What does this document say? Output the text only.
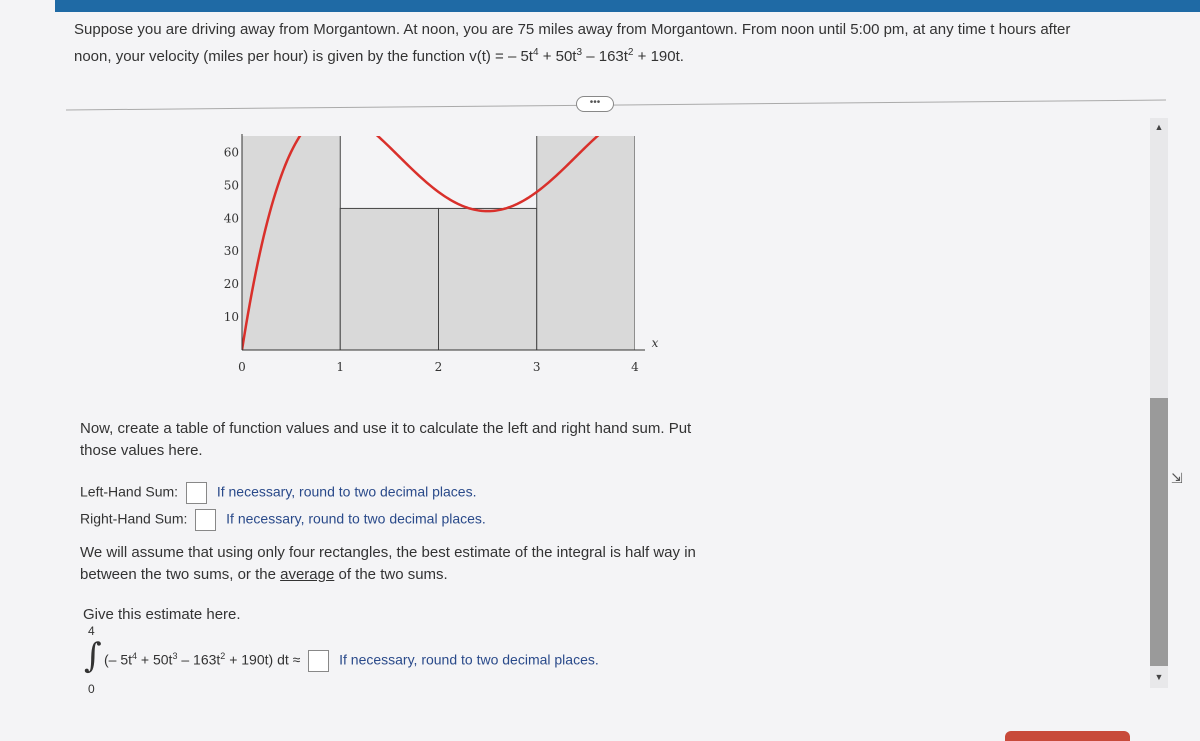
Suppose you are driving away from Morgantown. At noon, you are 75 miles away from Morgantown. From noon until 5:00 pm, at any time t hours after
noon, your velocity (miles per hour) is given by the function v(t) = – $5t^4 + 50t^3 - 163t^2 + 190t$.
•••
10
20
30
40
50
60
0	1	2	3	4
x
Now, create a table of function values and use it to calculate the left and right hand sum. Put
those values here.
Left-Hand Sum:	If necessary, round to two decimal places.
Right-Hand Sum:	If necessary, round to two decimal places.
We will assume that using only four rectangles, the best estimate of the integral is half way in
between the two sums, or the average of the two sums.
Give this estimate here.
4
∫
0
(– $5t^4 + 50t^3 - 163t^2 + 190t$) dt ≈	If necessary, round to two decimal places.
▲
▼
⇲
